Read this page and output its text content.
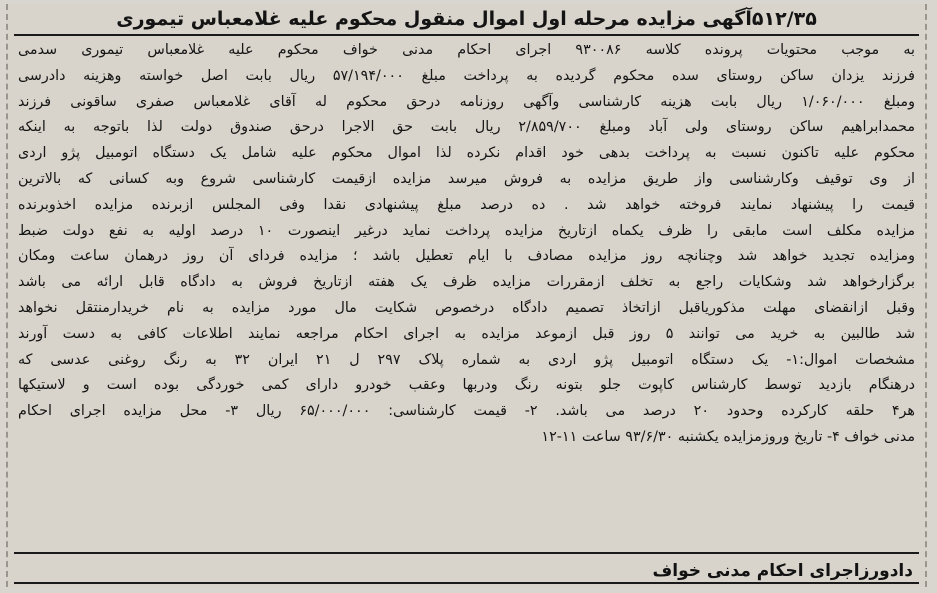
۵۱۲/۳۵آگهی مزایده مرحله اول اموال منقول محکوم علیه غلامعباس تیموری
به موجب محتویات پرونده کلاسه ۹۳۰۰۸۶ اجرای احکام مدنی خواف محکوم علیه غلامعباس تیموری سدمی
فرزند یزدان ساکن روستای سده محکوم گردیده به پرداخت مبلغ ۵۷/۱۹۴/۰۰۰ ریال بابت اصل خواسته وهزینه دادرسی
ومبلغ ۱/۰۶۰/۰۰۰ ریال بابت هزینه کارشناسی وآگهی روزنامه درحق محکوم له آقای غلامعباس صفری ساقونی فرزند
محمدابراهیم ساکن روستای ولی آباد ومبلغ ۲/۸۵۹/۷۰۰ ریال بابت حق الاجرا درحق صندوق دولت لذا باتوجه به اینکه
محکوم علیه تاکنون نسبت به پرداخت بدهی خود اقدام نکرده لذا اموال محکوم علیه شامل یک دستگاه اتومبیل پژو اردی
از وی توقیف وکارشناسی واز طریق مزایده به فروش میرسد مزایده ازقیمت کارشناسی شروع وبه کسانی که بالاترین
قیمت را پیشنهاد نمایند فروخته خواهد شد . ده درصد مبلغ پیشنهادی نقدا وفی المجلس ازبرنده مزایده اخذوبرنده
مزایده مکلف است مابقی را ظرف یکماه ازتاریخ مزایده پرداخت نماید درغیر اینصورت ۱۰ درصد اولیه به نفع دولت ضبط
ومزایده تجدید خواهد شد وچنانچه روز مزایده مصادف با ایام تعطیل باشد ؛ مزایده فردای آن روز درهمان ساعت ومکان
برگزارخواهد شد وشکایات راجع به تخلف ازمقررات مزایده ظرف یک هفته ازتاریخ فروش به دادگاه قابل ارائه می باشد
وقبل ازانقضای مهلت مذکوریاقبل ازاتخاذ تصمیم دادگاه درخصوص شکایت مال مورد مزایده به نام خریدارمنتقل نخواهد
شد طالبین به خرید می توانند ۵ روز قبل ازموعد مزایده به اجرای احکام مراجعه نمایند اطلاعات کافی به دست آورند
مشخصات اموال:۱- یک دستگاه اتومبیل پژو اردی به شماره پلاک ۲۹۷ ل ۲۱ ایران ۳۲ به رنگ روغنی عدسی که
درهنگام بازدید توسط کارشناس کاپوت جلو بتونه رنگ ودربها وعقب خودرو دارای کمی خوردگی بوده است و لاستیکها
هر۴ حلقه کارکرده وحدود ۲۰ درصد می باشد. ۲- قیمت کارشناسی: ۶۵/۰۰۰/۰۰۰ ریال ۳- محل مزایده اجرای احکام
مدنی خواف ۴- تاریخ وروزمزایده یکشنبه ۹۳/۶/۳۰ ساعت ۱۱-۱۲
دادورزاجرای احکام مدنی خواف
